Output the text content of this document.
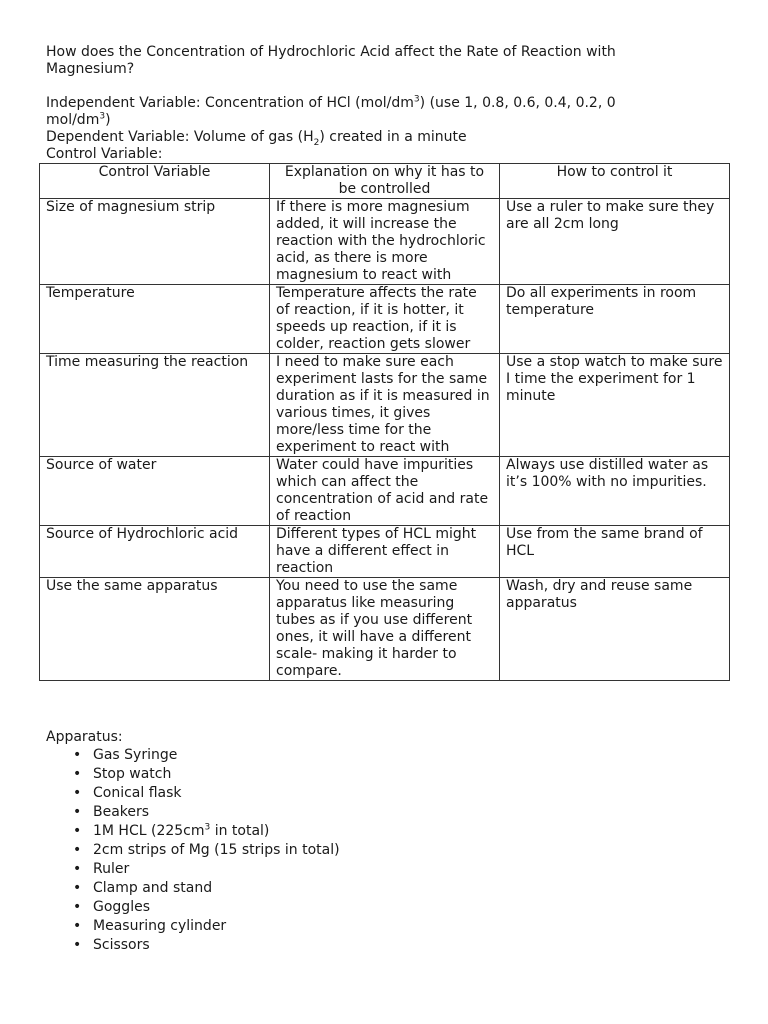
How does the Concentration of Hydrochloric Acid affect the Rate of Reaction with
Magnesium?

Independent Variable: Concentration of HCl $(mol/dm^3)$ (use 1, 0.8, 0.6, 0.4, 0.2, 0
mol/$dm^3$)

Dependent Variable: Volume of gas $(H_2)$ created in a minute

Control Variable:

Control Variable	Explanation on why it has to be controlled	How to control it
Size of magnesium strip	If there is more magnesium added, it will increase the reaction with the hydrochloric acid, as there is more magnesium to react with	Use a ruler to make sure they are all 2cm long
Temperature	Temperature affects the rate of reaction, if it is hotter, it speeds up reaction, if it is colder, reaction gets slower	Do all experiments in room temperature
Time measuring the reaction	I need to make sure each experiment lasts for the same duration as if it is measured in various times, it gives more/less time for the experiment to react with	Use a stop watch to make sure I time the experiment for 1 minute
Source of water	Water could have impurities which can affect the concentration of acid and rate of reaction	Always use distilled water as it’s 100% with no impurities.
Source of Hydrochloric acid	Different types of HCL might have a different effect in reaction	Use from the same brand of HCL
Use the same apparatus	You need to use the same apparatus like measuring tubes as if you use different ones, it will have a different scale- making it harder to compare.	Wash, dry and reuse same apparatus

Apparatus:

• Gas Syringe
• Stop watch
• Conical flask
• Beakers
• 1M HCL ($225cm^3$ in total)
• 2cm strips of Mg (15 strips in total)
• Ruler
• Clamp and stand
• Goggles
• Measuring cylinder
• Scissors
